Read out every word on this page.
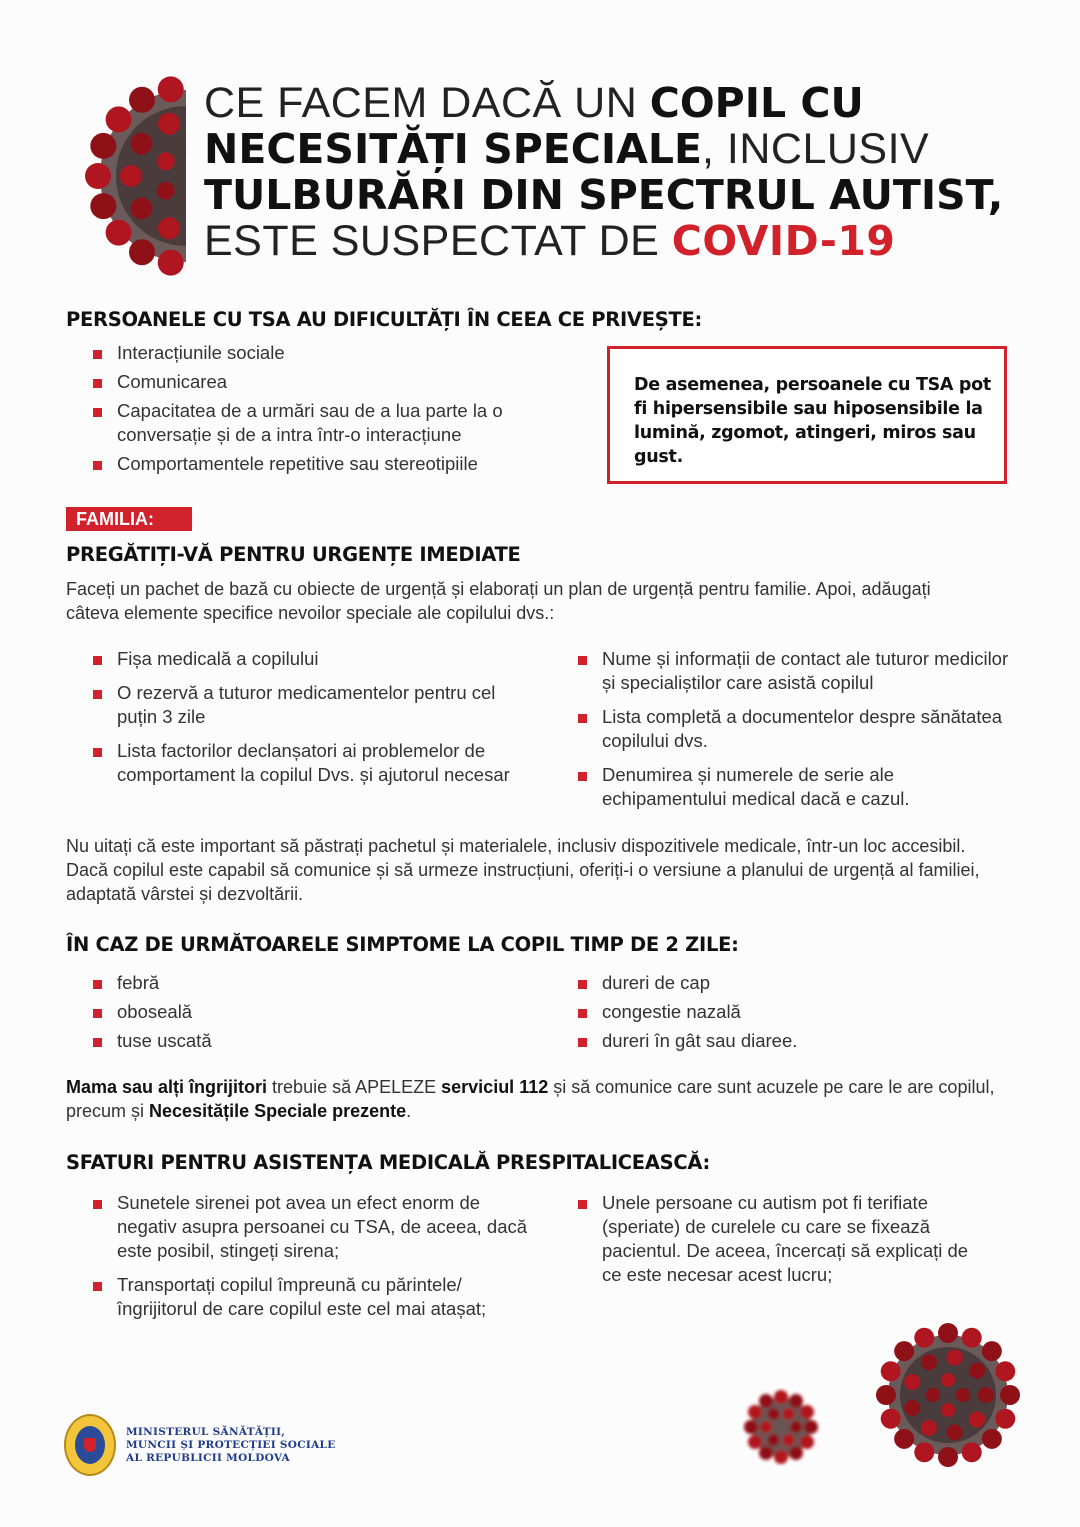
CE FACEM DACĂ UN COPIL CU
NECESITĂȚI SPECIALE, INCLUSIV
TULBURĂRI DIN SPECTRUL AUTIST,
ESTE SUSPECTAT DE COVID-19
PERSOANELE CU TSA AU DIFICULTĂȚI ÎN CEEA CE PRIVEȘTE:
Interacțiunile sociale
Comunicarea
Capacitatea de a urmări sau de a lua parte la o conversație și de a intra într-o interacțiune
Comportamentele repetitive sau stereotipiile

De asemenea, persoanele cu TSA pot fi hipersensibile sau hiposensibile la lumină, zgomot, atingeri, miros sau gust.

FAMILIA:
PREGĂTIȚI-VĂ PENTRU URGENȚE IMEDIATE

Faceți un pachet de bază cu obiecte de urgență și elaborați un plan de urgență pentru familie. Apoi, adăugați câteva elemente specifice nevoilor speciale ale copilului dvs.:

Fișa medicală a copilului
O rezervă a tuturor medicamentelor pentru cel puțin 3 zile
Lista factorilor declanșatori ai problemelor de comportament la copilul Dvs. și ajutorul necesar
Nume și informații de contact ale tuturor medicilor și specialiștilor care asistă copilul
Lista completă a documentelor despre sănătatea copilului dvs.
Denumirea și numerele de serie ale echipamentului medical dacă e cazul.

Nu uitați că este important să păstrați pachetul și materialele, inclusiv dispozitivele medicale, într-un loc accesibil. Dacă copilul este capabil să comunice și să urmeze instrucțiuni, oferiți-i o versiune a planului de urgență al familiei, adaptată vârstei și dezvoltării.

ÎN CAZ DE URMĂTOARELE SIMPTOME LA COPIL TIMP DE 2 ZILE:
febră
oboseală
tuse uscată
dureri de cap
congestie nazală
dureri în gât sau diaree.

Mama sau alți îngrijitori trebuie să APELEZE serviciul 112 și să comunice care sunt acuzele pe care le are copilul, precum și Necesitățile Speciale prezente.

SFATURI PENTRU ASISTENȚA MEDICALĂ PRESPITALICEASCĂ:
Sunetele sirenei pot avea un efect enorm de negativ asupra persoanei cu TSA, de aceea, dacă este posibil, stingeți sirena;
Transportați copilul împreună cu părintele/ îngrijitorul de care copilul este cel mai atașat;
Unele persoane cu autism pot fi terifiate (speriate) de curelele cu care se fixează pacientul. De aceea, încercați să explicați de ce este necesar acest lucru;
MINISTERUL SĂNĂTĂȚII,
MUNCII ȘI PROTECȚIEI SOCIALE
AL REPUBLICII MOLDOVA
